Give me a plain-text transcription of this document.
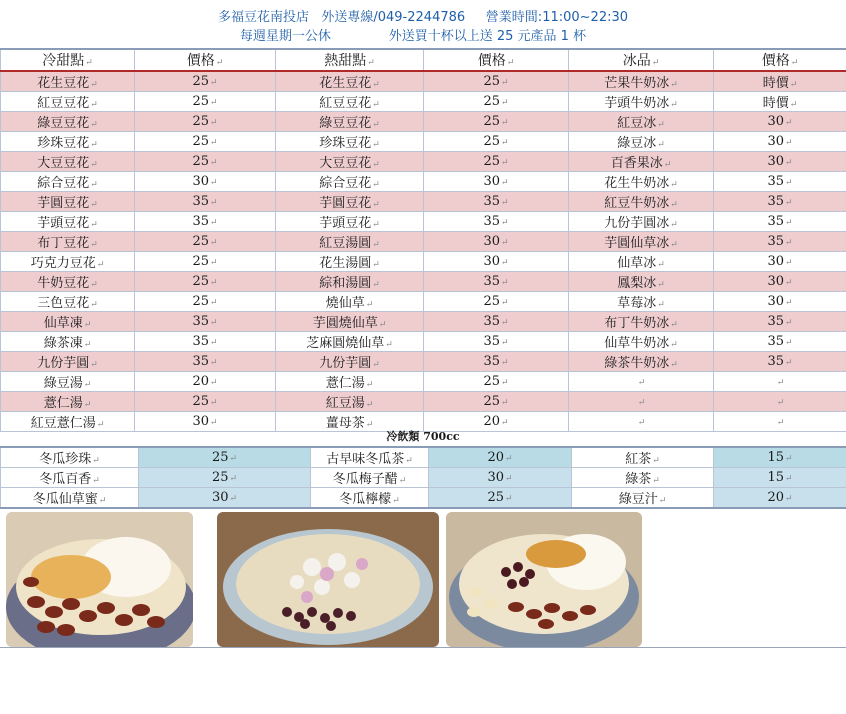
多福豆花南投店   外送專線/049-2244786     營業時間:11:00~22:30
每週星期一公休              外送買十杯以上送 25 元產品 1 杯
冷甜點↵	價格↵	熱甜點↵	價格↵	冰品↵	價格↵
花生豆花↵	25↵	花生豆花↵	25↵	芒果牛奶冰↵	時價↵
紅豆豆花↵	25↵	紅豆豆花↵	25↵	芋頭牛奶冰↵	時價↵
綠豆豆花↵	25↵	綠豆豆花↵	25↵	紅豆冰↵	30↵
珍珠豆花↵	25↵	珍珠豆花↵	25↵	綠豆冰↵	30↵
大豆豆花↵	25↵	大豆豆花↵	25↵	百香果冰↵	30↵
綜合豆花↵	30↵	綜合豆花↵	30↵	花生牛奶冰↵	35↵
芋圓豆花↵	35↵	芋圓豆花↵	35↵	紅豆牛奶冰↵	35↵
芋頭豆花↵	35↵	芋頭豆花↵	35↵	九份芋圓冰↵	35↵
布丁豆花↵	25↵	紅豆湯圓↵	30↵	芋圓仙草冰↵	35↵
巧克力豆花↵	25↵	花生湯圓↵	30↵	仙草冰↵	30↵
牛奶豆花↵	25↵	綜和湯圓↵	35↵	鳳梨冰↵	30↵
三色豆花↵	25↵	燒仙草↵	25↵	草莓冰↵	30↵
仙草凍↵	35↵	芋圓燒仙草↵	35↵	布丁牛奶冰↵	35↵
綠茶凍↵	35↵	芝麻圓燒仙草↵	35↵	仙草牛奶冰↵	35↵
九份芋圓↵	35↵	九份芋圓↵	35↵	綠茶牛奶冰↵	35↵
綠豆湯↵	20↵	薏仁湯↵	25↵	↵	↵
薏仁湯↵	25↵	紅豆湯↵	25↵	↵	↵
紅豆薏仁湯↵	30↵	薑母茶↵	20↵	↵	↵
冷飲類 700cc
冬瓜珍珠↵	25↵	古早味冬瓜茶↵	20↵	紅茶↵	15↵
冬瓜百香↵	25↵	冬瓜梅子醋↵	30↵	綠茶↵	15↵
冬瓜仙草蜜↵	30↵	冬瓜檸檬↵	25↵	綠豆汁↵	20↵
